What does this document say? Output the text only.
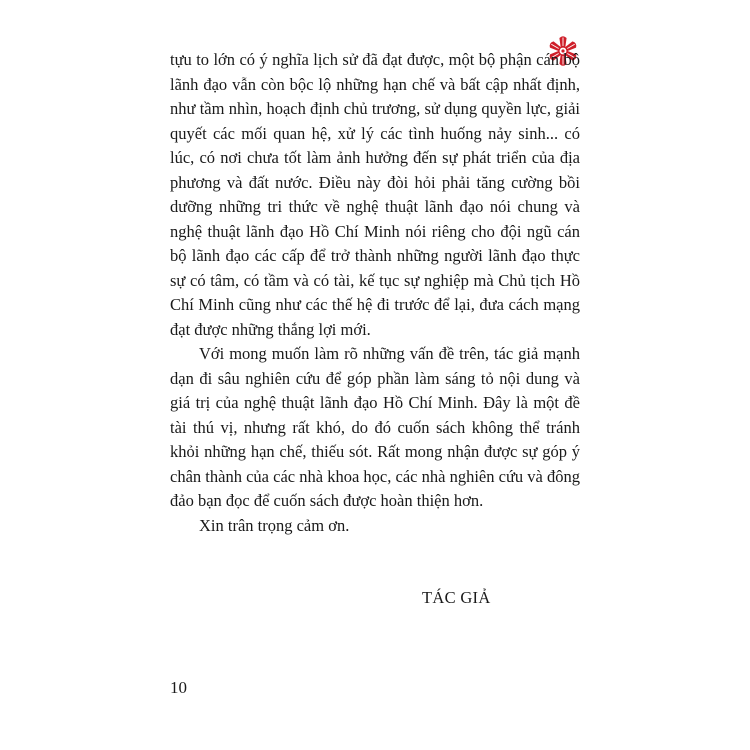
tựu to lớn có ý nghĩa lịch sử đã đạt được, một bộ phận cán bộ lãnh đạo vẫn còn bộc lộ những hạn chế và bất cập nhất định, như tầm nhìn, hoạch định chủ trương, sử dụng quyền lực, giải quyết các mối quan hệ, xử lý các tình huống nảy sinh... có lúc, có nơi chưa tốt làm ảnh hưởng đến sự phát triển của địa phương và đất nước. Điều này đòi hỏi phải tăng cường bồi dưỡng những tri thức về nghệ thuật lãnh đạo nói chung và nghệ thuật lãnh đạo Hồ Chí Minh nói riêng cho đội ngũ cán bộ lãnh đạo các cấp để trở thành những người lãnh đạo thực sự có tâm, có tầm và có tài, kế tục sự nghiệp mà Chủ tịch Hồ Chí Minh cũng như các thế hệ đi trước để lại, đưa cách mạng đạt được những thắng lợi mới.

Với mong muốn làm rõ những vấn đề trên, tác giả mạnh dạn đi sâu nghiên cứu để góp phần làm sáng tỏ nội dung và giá trị của nghệ thuật lãnh đạo Hồ Chí Minh. Đây là một đề tài thú vị, nhưng rất khó, do đó cuốn sách không thể tránh khỏi những hạn chế, thiếu sót. Rất mong nhận được sự góp ý chân thành của các nhà khoa học, các nhà nghiên cứu và đông đảo bạn đọc để cuốn sách được hoàn thiện hơn.

Xin trân trọng cảm ơn.

TÁC GIẢ
10
